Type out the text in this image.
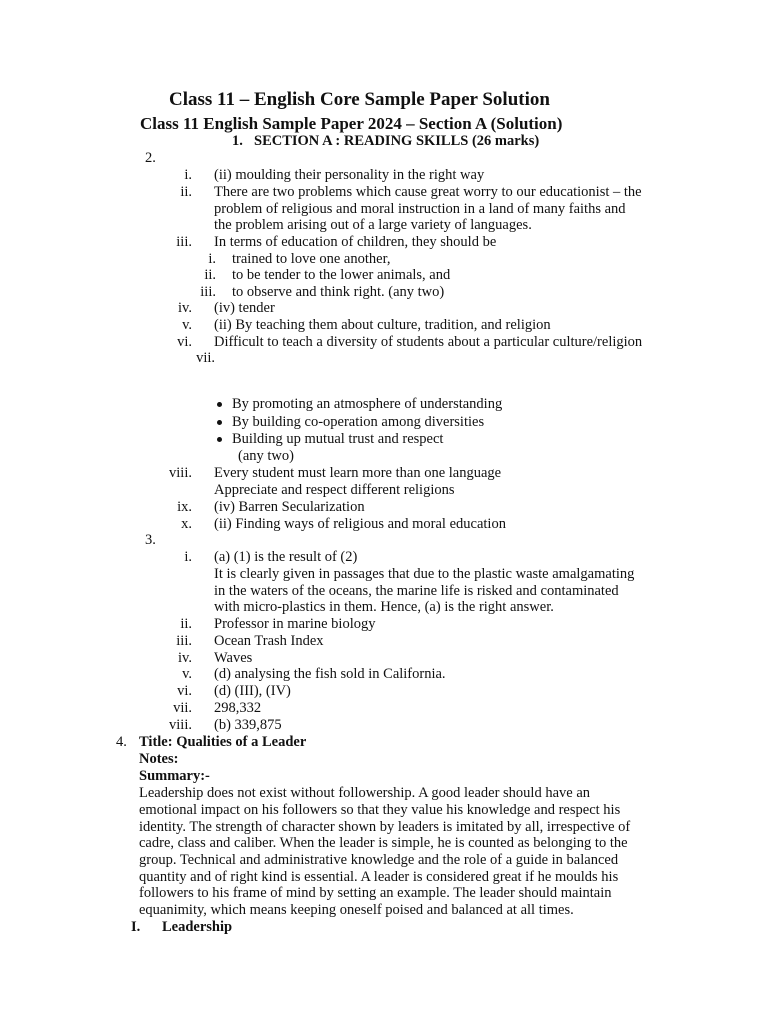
Class 11 – English Core Sample Paper Solution
Class 11 English Sample Paper 2024 – Section A (Solution)
1. SECTION A : READING SKILLS (26 marks)
2.
i. (ii) moulding their personality in the right way
ii. There are two problems which cause great worry to our educationist – the
problem of religious and moral instruction in a land of many faiths and
the problem arising out of a large variety of languages.
iii. In terms of education of children, they should be
i. trained to love one another,
ii. to be tender to the lower animals, and
iii. to observe and think right. (any two)
iv. (iv) tender
v. (ii) By teaching them about culture, tradition, and religion
vi. Difficult to teach a diversity of students about a particular culture/religion
vii.
By promoting an atmosphere of understanding
By building co-operation among diversities
Building up mutual trust and respect
(any two)
viii. Every student must learn more than one language
Appreciate and respect different religions
ix. (iv) Barren Secularization
x. (ii) Finding ways of religious and moral education
3.
i. (a) (1) is the result of (2)
It is clearly given in passages that due to the plastic waste amalgamating
in the waters of the oceans, the marine life is risked and contaminated
with micro-plastics in them. Hence, (a) is the right answer.
ii. Professor in marine biology
iii. Ocean Trash Index
iv. Waves
v. (d) analysing the fish sold in California.
vi. (d) (III), (IV)
vii. 298,332
viii. (b) 339,875
4. Title: Qualities of a Leader
Notes:
Summary:-
Leadership does not exist without followership. A good leader should have an
emotional impact on his followers so that they value his knowledge and respect his
identity. The strength of character shown by leaders is imitated by all, irrespective of
cadre, class and caliber. When the leader is simple, he is counted as belonging to the
group. Technical and administrative knowledge and the role of a guide in balanced
quantity and of right kind is essential. A leader is considered great if he moulds his
followers to his frame of mind by setting an example. The leader should maintain
equanimity, which means keeping oneself poised and balanced at all times.
I. Leadership
